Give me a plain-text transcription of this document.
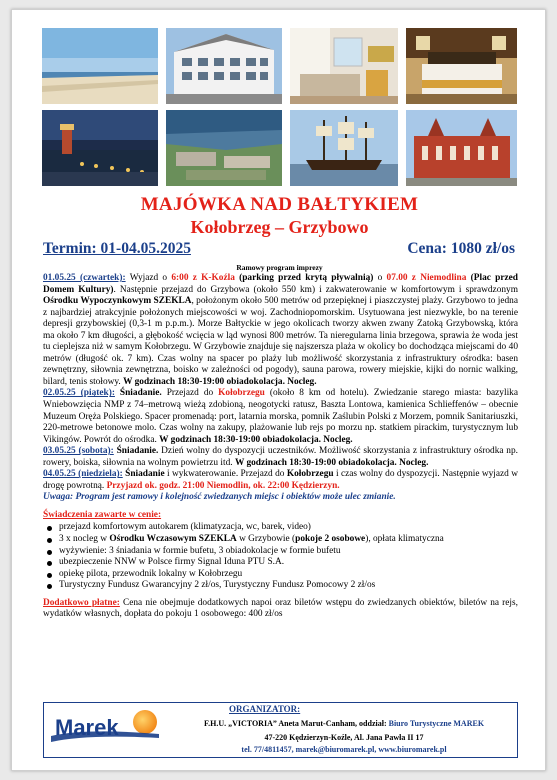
MAJÓWKA NAD BAŁTYKIEM
Kołobrzeg – Grzybowo
Termin: 01-04.05.2025	Cena: 1080 zł/os
Ramowy program imprezy

01.05.25 (czwartek): Wyjazd o 6:00 z K-Koźla (parking przed krytą pływalnią) o 07.00 z Niemodlina (Plac przed Domem Kultury). Następnie przejazd do Grzybowa (około 550 km) i zakwaterowanie w komfortowym i sprawdzonym Ośrodku Wypoczynkowym SZEKLA, położonym około 500 metrów od przepięknej i piaszczystej plaży. Grzybowo to jedna z najbardziej atrakcyjnie położonych miejscowości w woj. Zachodniopomorskim. Usytuowana jest niezwykle, bo na terenie depresji grzybowskiej (0,3-1 m p.p.m.). Morze Bałtyckie w jego okolicach tworzy akwen zwany Zatoką Grzybowską, która ma około 7 km długości, a głębokość wcięcia w ląd wynosi 800 metrów. Ta nieregularna linia brzegowa, sprawia że woda jest tu cieplejsza niż w samym Kołobrzegu. W Grzybowie znajduje się najszersza plaża w okolicy bo dochodząca miejscami do 40 metrów (długość ok. 7 km). Czas wolny na spacer po plaży lub możliwość skorzystania z infrastruktury ośrodka: basen zewnętrzny, siłownia zewnętrzna, boisko w zależności od pogody), sauna parowa, rowery miejskie, kijki do nornic walking, bilard, tenis stołowy. W godzinach 18:30-19:00 obiadokolacja. Nocleg.

02.05.25 (piątek): Śniadanie. Przejazd do Kołobrzegu (około 8 km od hotelu). Zwiedzanie starego miasta: bazylika Wniebowzięcia NMP z 74–metrową wieżą zdobioną, neogotycki ratusz, Baszta Lontowa, kamienica Schlieffenów – obecnie Muzeum Oręża Polskiego. Spacer promenadą: port, latarnia morska, pomnik Zaślubin Polski z Morzem, pomnik Sanitariuszki, 220-metrowe betonowe molo. Czas wolny na zakupy, plażowanie lub rejs po morzu np. statkiem pirackim, turystycznym lub Vikingów. Powrót do ośrodka. W godzinach 18:30-19:00 obiadokolacja. Nocleg.

03.05.25 (sobota): Śniadanie. Dzień wolny do dyspozycji uczestników. Możliwość skorzystania z infrastruktury ośrodka np. rowery, boiska, siłownia na wolnym powietrzu itd. W godzinach 18:30-19:00 obiadokolacja. Nocleg.

04.05.25 (niedziela): Śniadanie i wykwaterowanie. Przejazd do Kołobrzegu i czas wolny do dyspozycji. Następnie wyjazd w drogę powrotną. Przyjazd ok. godz. 21:00 Niemodlin, ok. 22:00 Kędzierzyn.

Uwaga: Program jest ramowy i kolejność zwiedzanych miejsc i obiektów może ulec zmianie.

Świadczenia zawarte w cenie:

przejazd komfortowym autokarem (klimatyzacja, wc, barek, video)
3 x nocleg w Ośrodku Wczasowym SZEKLA w Grzybowie (pokoje 2 osobowe), opłata klimatyczna
wyżywienie: 3 śniadania w formie bufetu, 3 obiadokolacje w formie bufetu
ubezpieczenie NNW w Polsce firmy Signal Iduna PTU S.A.
opiekę pilota, przewodnik lokalny w Kołobrzegu
Turystyczny Fundusz Gwarancyjny 2 zł/os, Turystyczny Fundusz Pomocowy 2 zł/os

Dodatkowo płatne: Cena nie obejmuje dodatkowych napoi oraz biletów wstępu do zwiedzanych obiektów, biletów na rejs, wydatków własnych, dopłata do pokoju 1 osobowego: 400 zł/os

Marek
ORGANIZATOR:
F.H.U. „VICTORIA” Aneta Marut-Canham, oddział: Biuro Turystyczne MAREK
47-220 Kędzierzyn-Koźle, Al. Jana Pawła II 17
tel. 77/4811457, marek@biuromarek.pl, www.biuromarek.pl
